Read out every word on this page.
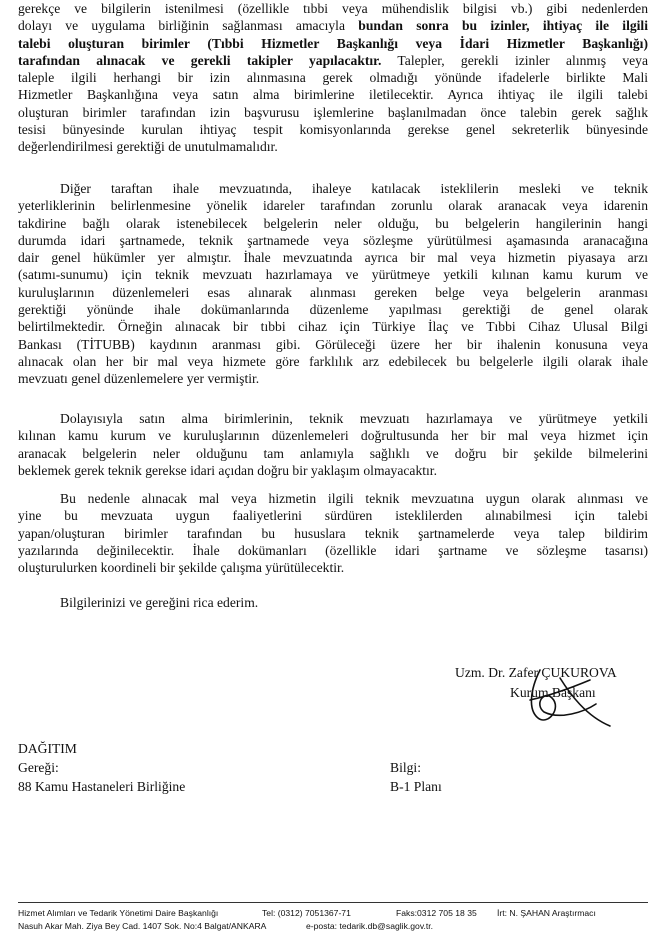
gerekçe ve bilgilerin istenilmesi (özellikle tıbbi veya mühendislik bilgisi vb.) gibi nedenlerden
dolayı ve uygulama birliğinin sağlanması amacıyla bundan sonra bu izinler, ihtiyaç ile ilgili
talebi oluşturan birimler (Tıbbi Hizmetler Başkanlığı veya İdari Hizmetler Başkanlığı)
tarafından alınacak ve gerekli takipler yapılacaktır. Talepler, gerekli izinler alınmış veya
taleple ilgili herhangi bir izin alınmasına gerek olmadığı yönünde ifadelerle birlikte Mali
Hizmetler Başkanlığına veya satın alma birimlerine iletilecektir. Ayrıca ihtiyaç ile ilgili talebi
oluşturan birimler tarafından izin başvurusu işlemlerine başlanılmadan önce talebin gerek sağlık
tesisi bünyesinde kurulan ihtiyaç tespit komisyonlarında gerekse genel sekreterlik bünyesinde
değerlendirilmesi gerektiği de unutulmamalıdır.
Diğer taraftan ihale mevzuatında, ihaleye katılacak isteklilerin mesleki ve teknik
yeterliklerinin belirlenmesine yönelik idareler tarafından zorunlu olarak aranacak veya idarenin
takdirine bağlı olarak istenebilecek belgelerin neler olduğu, bu belgelerin hangilerinin hangi
durumda idari şartnamede, teknik şartnamede veya sözleşme yürütülmesi aşamasında aranacağına
dair genel hükümler yer almıştır. İhale mevzuatında ayrıca bir mal veya hizmetin piyasaya arzı
(satımı-sunumu) için teknik mevzuatı hazırlamaya ve yürütmeye yetkili kılınan kamu kurum ve
kuruluşlarının düzenlemeleri esas alınarak alınması gereken belge veya belgelerin aranması
gerektiği yönünde ihale dokümanlarında düzenleme yapılması gerektiği de genel olarak
belirtilmektedir. Örneğin alınacak bir tıbbi cihaz için Türkiye İlaç ve Tıbbi Cihaz Ulusal Bilgi
Bankası (TİTUBB) kaydının aranması gibi. Görüleceği üzere her bir ihalenin konusuna veya
alınacak olan her bir mal veya hizmete göre farklılık arz edebilecek bu belgelerle ilgili olarak ihale
mevzuatı genel düzenlemelere yer vermiştir.
Dolayısıyla satın alma birimlerinin, teknik mevzuatı hazırlamaya ve yürütmeye yetkili
kılınan kamu kurum ve kuruluşlarının düzenlemeleri doğrultusunda her bir mal veya hizmet için
aranacak belgelerin neler olduğunu tam anlamıyla sağlıklı ve doğru bir şekilde bilmelerini
beklemek gerek teknik gerekse idari açıdan doğru bir yaklaşım olmayacaktır.
Bu nedenle alınacak mal veya hizmetin ilgili teknik mevzuatına uygun olarak alınması ve
yine bu mevzuata uygun faaliyetlerini sürdüren isteklilerden alınabilmesi için talebi
yapan/oluşturan birimler tarafından bu hususlara teknik şartnamelerde veya talep bildirim
yazılarında değinilecektir. İhale dokümanları (özellikle idari şartname ve sözleşme tasarısı)
oluşturulurken koordineli bir şekilde çalışma yürütülecektir.
Bilgilerinizi ve gereğini rica ederim.
Uzm. Dr. Zafer ÇUKUROVA
Kurum Başkanı
DAĞITIM
Gereği:
88 Kamu Hastaneleri Birliğine
Bilgi:
B-1 Planı
Hizmet Alımları ve Tedarik Yönetimi Daire Başkanlığı	Tel: (0312) 7051367-71	Faks:0312 705 18 35 İrt: N. ŞAHAN Araştırmacı
Nasuh Akar Mah. Ziya Bey Cad. 1407 Sok. No:4 Balgat/ANKARA	e-posta: tedarik.db@saglik.gov.tr.
